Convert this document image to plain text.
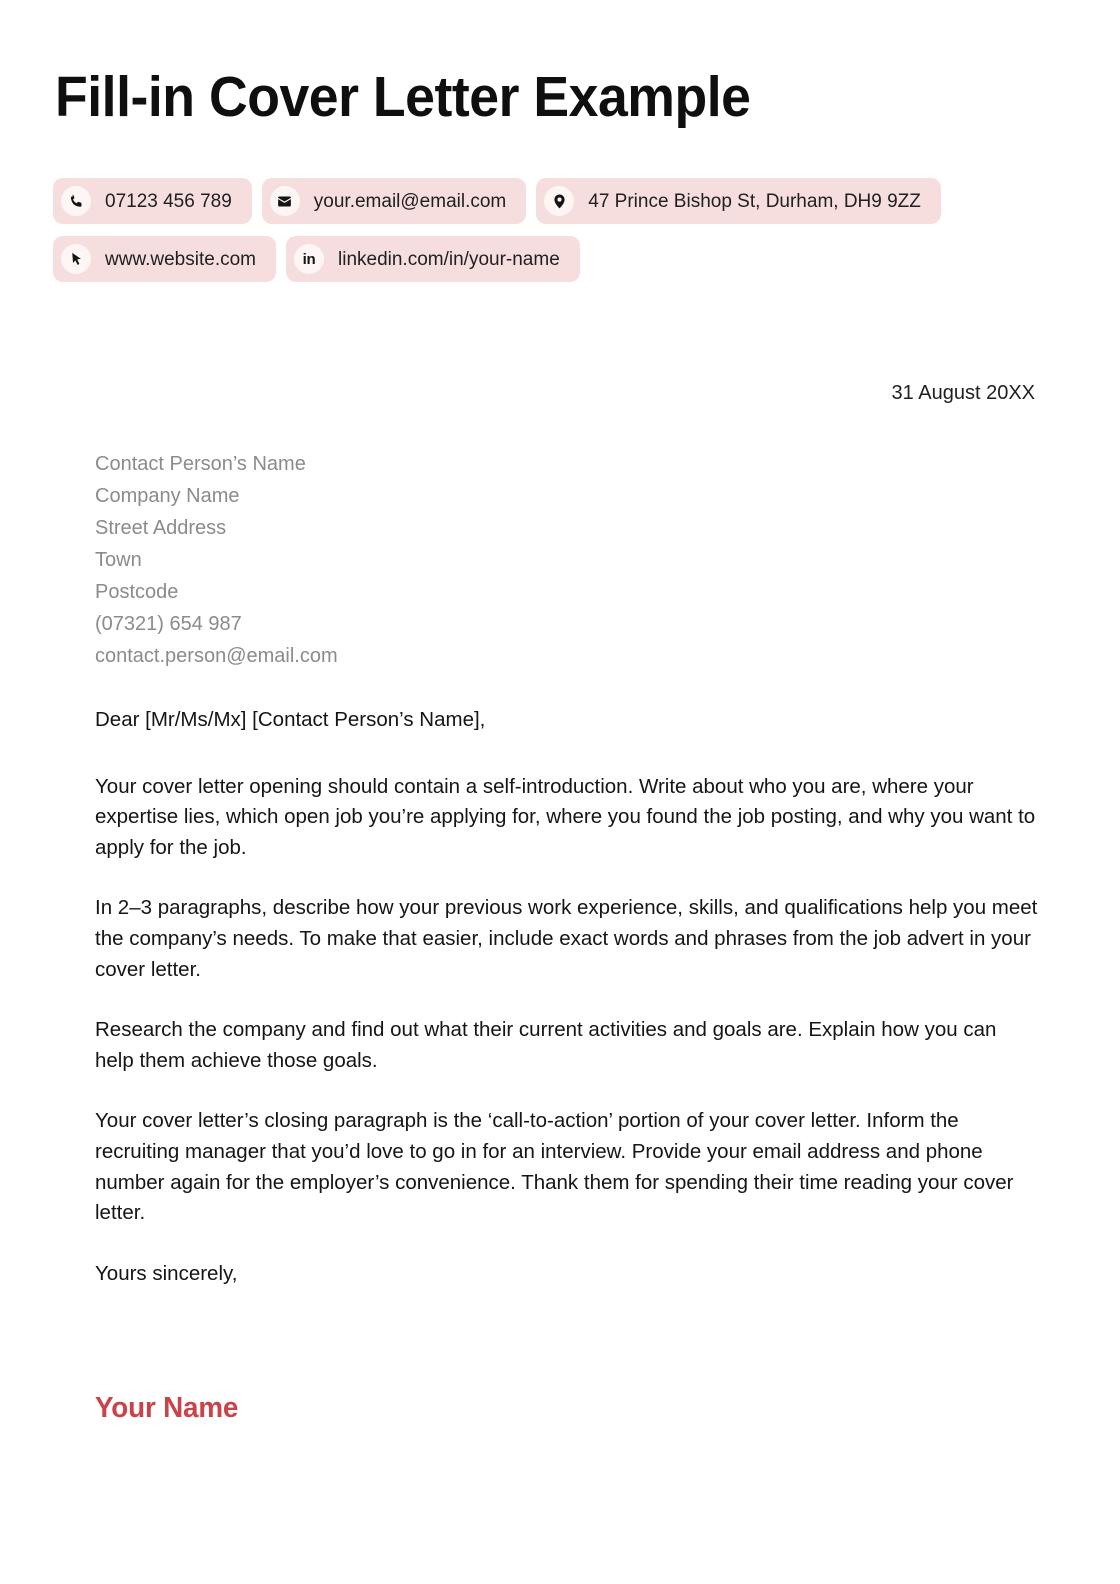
Fill-in Cover Letter Example
07123 456 789	your.email@email.com	47 Prince Bishop St, Durham, DH9 9ZZ
www.website.com	in linkedin.com/in/your-name
31 August 20XX
Contact Person’s Name
Company Name
Street Address
Town
Postcode
(07321) 654 987
contact.person@email.com

Dear [Mr/Ms/Mx] [Contact Person’s Name],

Your cover letter opening should contain a self-introduction. Write about who you are, where your expertise lies, which open job you’re applying for, where you found the job posting, and why you want to apply for the job.

In 2–3 paragraphs, describe how your previous work experience, skills, and qualifications help you meet the company’s needs. To make that easier, include exact words and phrases from the job advert in your cover letter.

Research the company and find out what their current activities and goals are. Explain how you can help them achieve those goals.

Your cover letter’s closing paragraph is the ‘call-to-action’ portion of your cover letter. Inform the recruiting manager that you’d love to go in for an interview. Provide your email address and phone number again for the employer’s convenience. Thank them for spending their time reading your cover letter.

Yours sincerely,

Your Name
